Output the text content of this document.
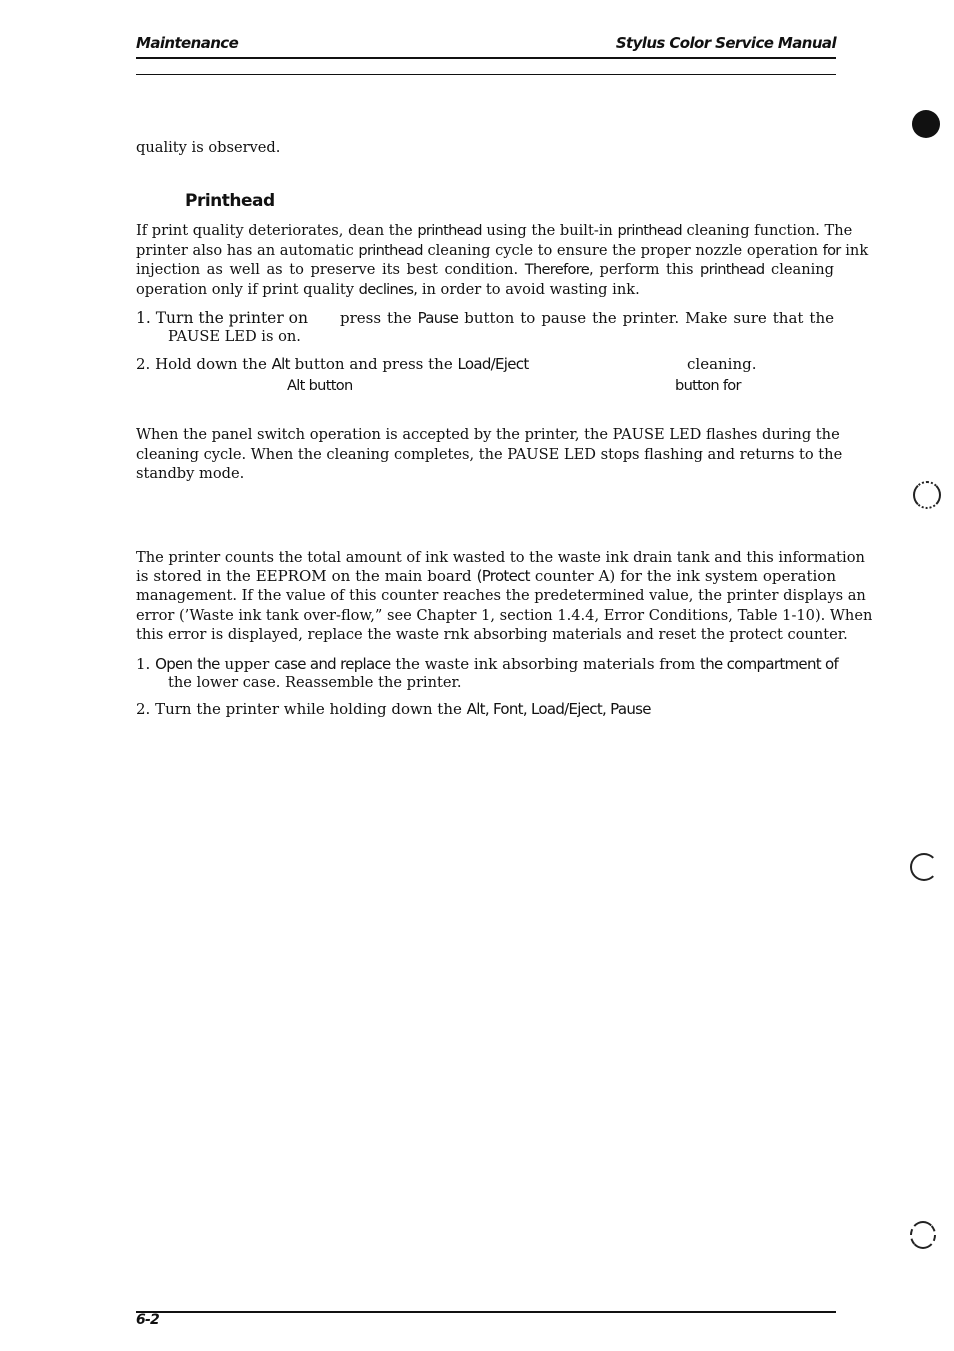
Maintenance	Stylus Color Service Manual
quality is observed.
Printhead
If print quality deteriorates, dean the printhead using the built-in printhead cleaning function. The
printer also has an automatic printhead cleaning cycle to ensure the proper nozzle operation for ink
injection as well as to preserve its best condition. Therefore, perform this printhead cleaning
operation only if print quality declines, in order to avoid wasting ink.
1. Turn the printer on press the Pause button to pause the printer. Make sure that the
PAUSE LED is on.
2. Hold down the Alt button and press the Load/Eject	cleaning.
Alt button	button for
When the panel switch operation is accepted by the printer, the PAUSE LED flashes during the
cleaning cycle. When the cleaning completes, the PAUSE LED stops flashing and returns to the
standby mode.
The printer counts the total amount of ink wasted to the waste ink drain tank and this information
is stored in the EEPROM on the main board (Protect counter A) for the ink system operation
management. If the value of this counter reaches the predetermined value, the printer displays an
error (’Waste ink tank over-flow,” see Chapter 1, section 1.4.4, Error Conditions, Table 1-10). When
this error is displayed, replace the waste rnk absorbing materials and reset the protect counter.
1. Open the upper case and replace the waste ink absorbing materials from the compartment of
the lower case. Reassemble the printer.
2. Turn the printer while holding down the Alt, Font, Load/Eject, Pause
6-2
